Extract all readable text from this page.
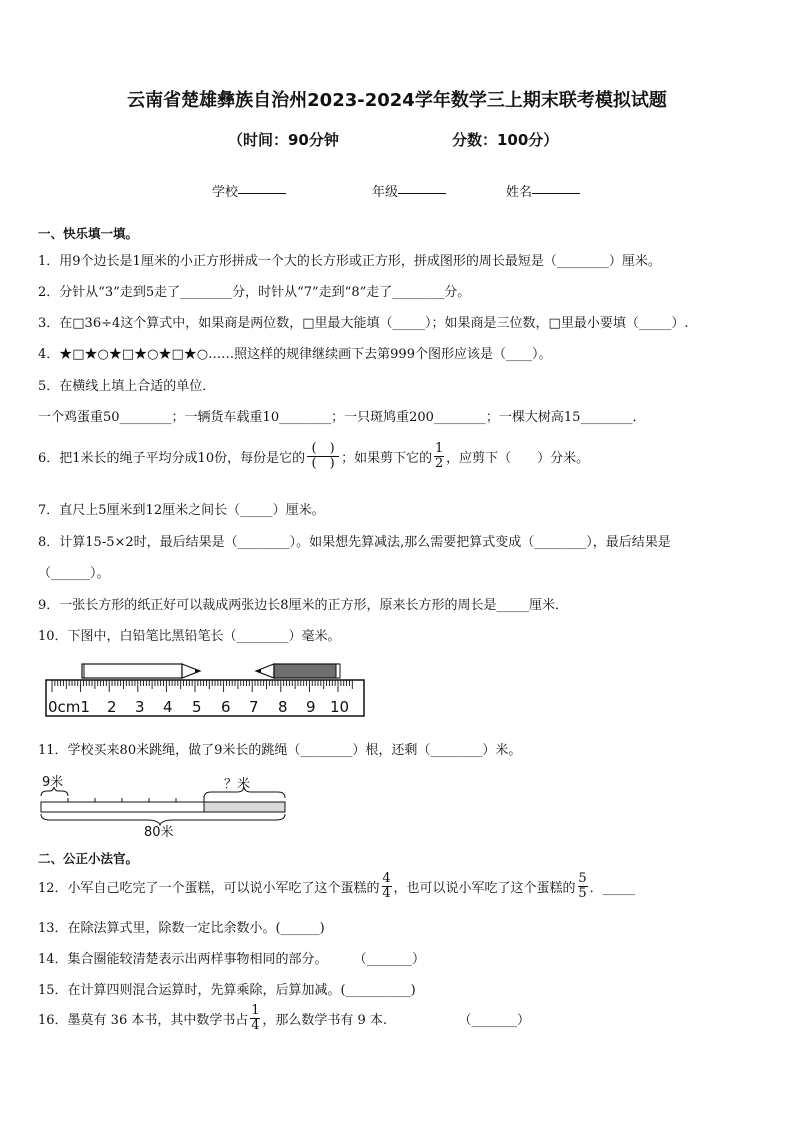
云南省楚雄彝族自治州2023-2024学年数学三上期末联考模拟试题
（时间：90分钟	分数：100分）
学校	年级	姓名
一、快乐填一填。
1．用9个边长是1厘米的小正方形拼成一个大的长方形或正方形，拼成图形的周长最短是（________）厘米。
2．分针从“3”走到5走了________分，时针从“7”走到“8”走了________分。
3．在□36÷4这个算式中，如果商是两位数，□里最大能填（_____）；如果商是三位数，□里最小要填（_____）.
4．★□★○★□★○★□★○……照这样的规律继续画下去第999个图形应该是（____）。
5．在横线上填上合适的单位．
一个鸡蛋重50________；一辆货车载重10________；一只斑鸠重200________；一棵大树高15________．
6．把1米长的绳子平均分成10份，每份是它的 $\frac{( )}{( )}$ ；如果剪下它的 $\frac{1}{2}$ ，应剪下（　　）分米。
7．直尺上5厘米到12厘米之间长（_____）厘米。
8．计算15-5×2时，最后结果是（________）。如果想先算减法,那么需要把算式变成（________），最后结果是
（______）。
9．一张长方形的纸正好可以裁成两张边长8厘米的正方形，原来长方形的周长是_____厘米．
10．下图中，白铅笔比黑铅笔长（________）毫米。
0cm1 2 3 4 5 6 7 8 9 10
11．学校买来80米跳绳，做了9米长的跳绳（________）根，还剩（________）米。
9米	？米
80米
二、公正小法官。
12．小军自己吃完了一个蛋糕，可以说小军吃了这个蛋糕的 $\frac{4}{4}$ ，也可以说小军吃了这个蛋糕的 $\frac{5}{5}$ ．_____
13．在除法算式里，除数一定比余数小。(______)
14．集合圈能较清楚表示出两样事物相同的部分。　　　（_______）
15．在计算四则混合运算时，先算乘除，后算加减。(__________)
16．墨莫有 36 本书，其中数学书占 $\frac{1}{4}$ ，那么数学书有 9 本.　　　　　　（_______）
